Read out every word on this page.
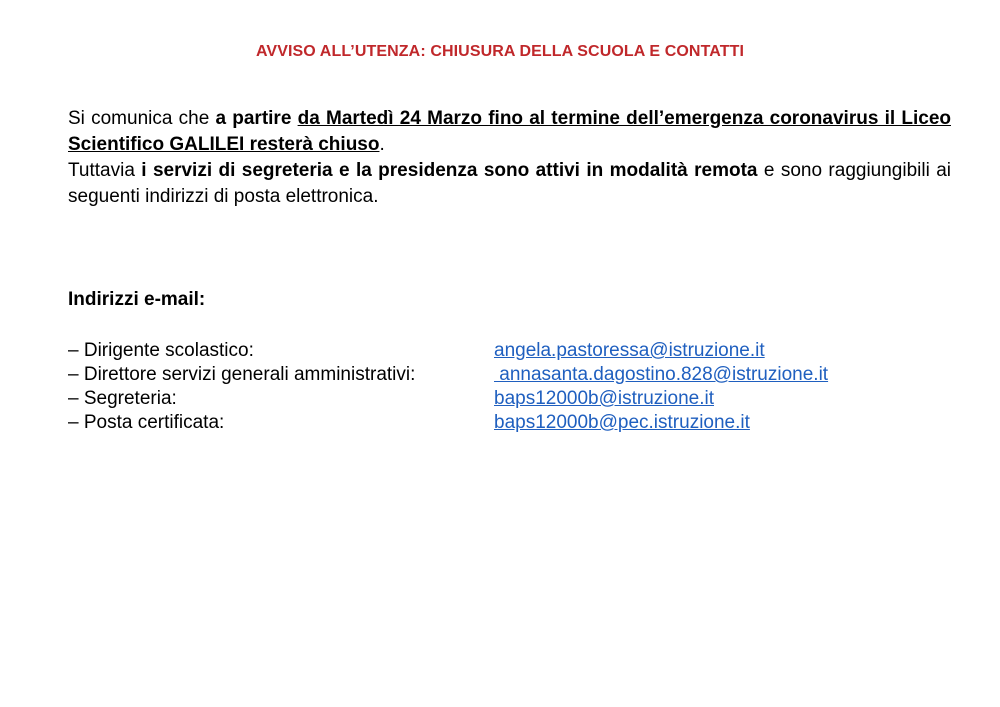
AVVISO ALL’UTENZA: CHIUSURA DELLA SCUOLA E CONTATTI

Si comunica che a partire da Martedì 24 Marzo fino al termine dell’emergenza coronavirus il Liceo Scientifico GALILEI resterà chiuso.

Tuttavia i servizi di segreteria e la presidenza sono attivi in modalità remota e sono raggiungibili ai seguenti indirizzi di posta elettronica.

Indirizzi e-mail:
– Dirigente scolastico:	angela.pastoressa@istruzione.it
– Direttore servizi generali amministrativi:	annasanta.dagostino.828@istruzione.it
– Segreteria:	baps12000b@istruzione.it
– Posta certificata:	baps12000b@pec.istruzione.it
